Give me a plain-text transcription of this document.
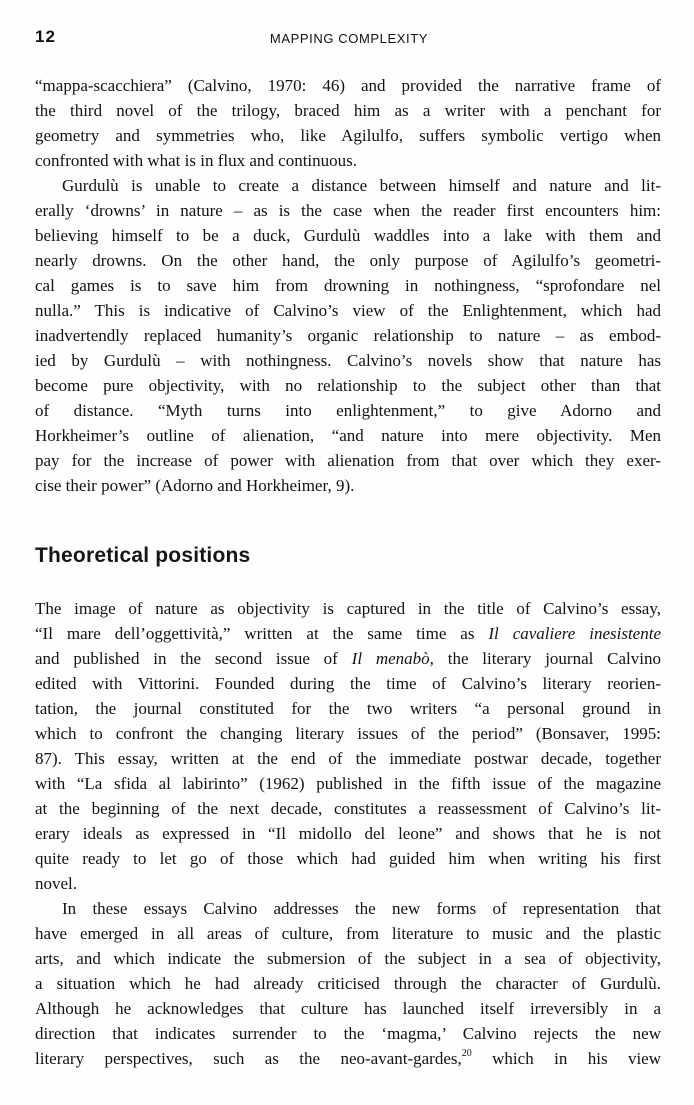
12	MAPPING COMPLEXITY
“mappa-scacchiera” (Calvino, 1970: 46) and provided the narrative frame of
the third novel of the trilogy, braced him as a writer with a penchant for
geometry and symmetries who, like Agilulfo, suffers symbolic vertigo when
confronted with what is in flux and continuous.
Gurdulù is unable to create a distance between himself and nature and lit-
erally ‘drowns’ in nature – as is the case when the reader first encounters him:
believing himself to be a duck, Gurdulù waddles into a lake with them and
nearly drowns. On the other hand, the only purpose of Agilulfo’s geometri-
cal games is to save him from drowning in nothingness, “sprofondare nel
nulla.” This is indicative of Calvino’s view of the Enlightenment, which had
inadvertendly replaced humanity’s organic relationship to nature – as embod-
ied by Gurdulù – with nothingness. Calvino’s novels show that nature has
become pure objectivity, with no relationship to the subject other than that
of distance. “Myth turns into enlightenment,” to give Adorno and
Horkheimer’s outline of alienation, “and nature into mere objectivity. Men
pay for the increase of power with alienation from that over which they exer-
cise their power” (Adorno and Horkheimer, 9).
Theoretical positions
The image of nature as objectivity is captured in the title of Calvino’s essay,
“Il mare dell’oggettività,” written at the same time as Il cavaliere inesistente
and published in the second issue of Il menabò, the literary journal Calvino
edited with Vittorini. Founded during the time of Calvino’s literary reorien-
tation, the journal constituted for the two writers “a personal ground in
which to confront the changing literary issues of the period” (Bonsaver, 1995:
87). This essay, written at the end of the immediate postwar decade, together
with “La sfida al labirinto” (1962) published in the fifth issue of the magazine
at the beginning of the next decade, constitutes a reassessment of Calvino’s lit-
erary ideals as expressed in “Il midollo del leone” and shows that he is not
quite ready to let go of those which had guided him when writing his first
novel.
In these essays Calvino addresses the new forms of representation that
have emerged in all areas of culture, from literature to music and the plastic
arts, and which indicate the submersion of the subject in a sea of objectivity,
a situation which he had already criticised through the character of Gurdulù.
Although he acknowledges that culture has launched itself irreversibly in a
direction that indicates surrender to the ‘magma,’ Calvino rejects the new
literary perspectives, such as the neo-avant-gardes,$^{20}$ which in his view
